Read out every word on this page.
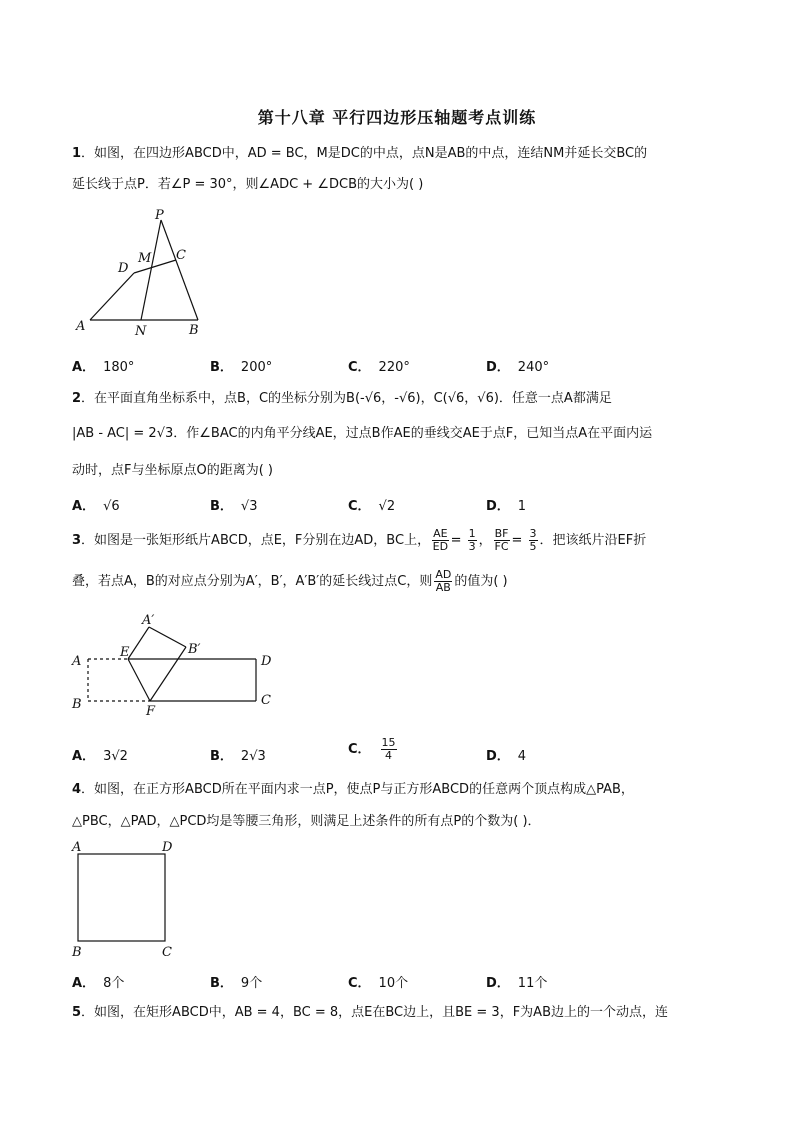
第十八章 平行四边形压轴题考点训练
1．如图，在四边形ABCD中，AD = BC，M是DC的中点，点N是AB的中点，连结NM并延长交BC的
延长线于点P．若∠P = 30°，则∠ADC + ∠DCB的大小为( )
P
M C
D
A	N	B
A． 180°	B． 200°	C． 220°	D． 240°
2．在平面直角坐标系中，点B，C的坐标分别为B(-√6，-√6)，C(√6，√6)．任意一点A都满足
|AB - AC| = 2√3．作∠BAC的内角平分线AE，过点B作AE的垂线交AE于点F，已知当点A在平面内运
动时，点F与坐标原点O的距离为( )
A． √6	B． √3	C． √2	D． 1
3．如图是一张矩形纸片ABCD，点E，F分别在边AD，BC上， $\frac{AE}{ED} = \frac{1}{3}$ ， $\frac{BF}{FC} = \frac{3}{5}$ ．把该纸片沿EF折
叠，若点A，B的对应点分别为A′，B′，A′B′的延长线过点C，则 $\frac{AD}{AB}$ 的值为( )
A′
E	B′
D
A
B	F
C
A． 3√2	B． 2√3	C． $\frac{15}{4}$	D． 4
4．如图，在正方形ABCD所在平面内求一点P，使点P与正方形ABCD的任意两个顶点构成△PAB，
△PBC，△PAD，△PCD均是等腰三角形，则满足上述条件的所有点P的个数为( )．
A	D
B	C
A． 8个	B． 9个	C． 10个	D． 11个
5．如图，在矩形ABCD中，AB = 4，BC = 8，点E在BC边上，且BE = 3，F为AB边上的一个动点，连
